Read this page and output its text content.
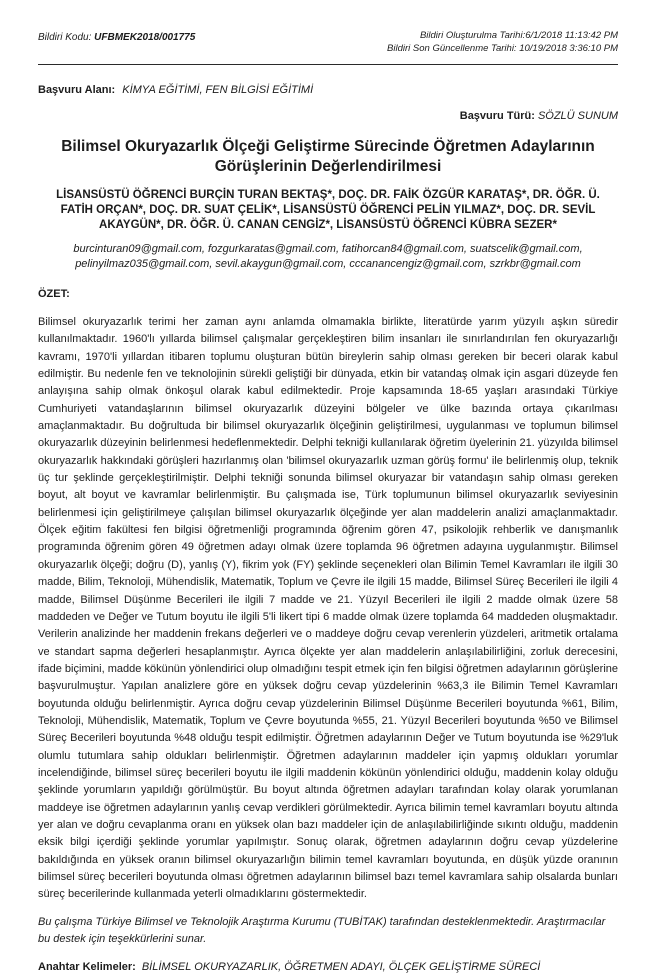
Bildiri Kodu: UFBMEK2018/001775	Bildiri Oluşturulma Tarihi:6/1/2018 11:13:42 PM
Bildiri Son Güncellenme Tarihi: 10/19/2018 3:36:10 PM
Başvuru Alanı: KİMYA EĞİTİMİ, FEN BİLGİSİ EĞİTİMİ
Başvuru Türü: SÖZLÜ SUNUM
Bilimsel Okuryazarlık Ölçeği Geliştirme Sürecinde Öğretmen Adaylarının Görüşlerinin Değerlendirilmesi
LİSANSÜSTÜ ÖĞRENCİ BURÇİN TURAN BEKTAŞ*, DOÇ. DR. FAİK ÖZGÜR KARATAŞ*, DR. ÖĞR. Ü. FATİH ORÇAN*, DOÇ. DR. SUAT ÇELİK*, LİSANSÜSTÜ ÖĞRENCİ PELİN YILMAZ*, DOÇ. DR. SEVİL AKAYGÜN*, DR. ÖĞR. Ü. CANAN CENGİZ*, LİSANSÜSTÜ ÖĞRENCİ KÜBRA SEZER*
burcinturan09@gmail.com, fozgurkaratas@gmail.com, fatihorcan84@gmail.com, suatscelik@gmail.com, pelinyilmaz035@gmail.com, sevil.akaygun@gmail.com, cccanancengiz@gmail.com, szrkbr@gmail.com
ÖZET:

Bilimsel okuryazarlık terimi her zaman aynı anlamda olmamakla birlikte, literatürde yarım yüzyılı aşkın süredir kullanılmaktadır. 1960'lı yıllarda bilimsel çalışmalar gerçekleştiren bilim insanları ile sınırlandırılan fen okuryazarlığı kavramı, 1970'li yıllardan itibaren toplumu oluşturan bütün bireylerin sahip olması gereken bir beceri olarak kabul edilmiştir. Bu nedenle fen ve teknolojinin sürekli geliştiği bir dünyada, etkin bir vatandaş olmak için asgari düzeyde fen anlayışına sahip olmak önkoşul olarak kabul edilmektedir. Proje kapsamında 18-65 yaşları arasındaki Türkiye Cumhuriyeti vatandaşlarının bilimsel okuryazarlık düzeyini bölgeler ve ülke bazında ortaya çıkarılması amaçlanmaktadır. Bu doğrultuda bir bilimsel okuryazarlık ölçeğinin geliştirilmesi, uygulanması ve toplumun bilimsel okuryazarlık düzeyinin belirlenmesi hedeflenmektedir. Delphi tekniği kullanılarak öğretim üyelerinin 21. yüzyılda bilimsel okuryazarlık hakkındaki görüşleri hazırlanmış olan 'bilimsel okuryazarlık uzman görüş formu' ile belirlenmiş olup, teknik üç tur şeklinde gerçekleştirilmiştir. Delphi tekniği sonunda bilimsel okuryazar bir vatandaşın sahip olması gereken boyut, alt boyut ve kavramlar belirlenmiştir. Bu çalışmada ise, Türk toplumunun bilimsel okuryazarlık seviyesinin belirlenmesi için geliştirilmeye çalışılan bilimsel okuryazarlık ölçeğinde yer alan maddelerin analizi amaçlanmaktadır. Ölçek eğitim fakültesi fen bilgisi öğretmenliği programında öğrenim gören 47, psikolojik rehberlik ve danışmanlık programında öğrenim gören 49 öğretmen adayı olmak üzere toplamda 96 öğretmen adayına uygulanmıştır. Bilimsel okuryazarlık ölçeği; doğru (D), yanlış (Y), fikrim yok (FY) şeklinde seçenekleri olan Bilimin Temel Kavramları ile ilgili 30 madde, Bilim, Teknoloji, Mühendislik, Matematik, Toplum ve Çevre ile ilgili 15 madde, Bilimsel Süreç Becerileri ile ilgili 4 madde, Bilimsel Düşünme Becerileri ile ilgili 7 madde ve 21. Yüzyıl Becerileri ile ilgili 2 madde olmak üzere 58 maddeden ve Değer ve Tutum boyutu ile ilgili 5'li likert tipi 6 madde olmak üzere toplamda 64 maddeden oluşmaktadır. Verilerin analizinde her maddenin frekans değerleri ve o maddeye doğru cevap verenlerin yüzdeleri, aritmetik ortalama ve standart sapma değerleri hesaplanmıştır. Ayrıca ölçekte yer alan maddelerin anlaşılabilirliğini, zorluk derecesini, ifade biçimini, madde kökünün yönlendirici olup olmadığını tespit etmek için fen bilgisi öğretmen adaylarının görüşlerine başvurulmuştur. Yapılan analizlere göre en yüksek doğru cevap yüzdelerinin %63,3 ile Bilimin Temel Kavramları boyutunda olduğu belirlenmiştir. Ayrıca doğru cevap yüzdelerinin Bilimsel Düşünme Becerileri boyutunda %61, Bilim, Teknoloji, Mühendislik, Matematik, Toplum ve Çevre boyutunda %55, 21. Yüzyıl Becerileri boyutunda %50 ve Bilimsel Süreç Becerileri boyutunda %48 olduğu tespit edilmiştir. Öğretmen adaylarının Değer ve Tutum boyutunda ise %29'luk olumlu tutumlara sahip oldukları belirlenmiştir. Öğretmen adaylarının maddeler için yapmış oldukları yorumlar incelendiğinde, bilimsel süreç becerileri boyutu ile ilgili maddenin kökünün yönlendirici olduğu, maddenin kolay olduğu şeklinde yorumların yapıldığı görülmüştür. Bu boyut altında öğretmen adayları tarafından kolay olarak yorumlanan maddeye ise öğretmen adaylarının yanlış cevap verdikleri görülmektedir. Ayrıca bilimin temel kavramları boyutu altında yer alan ve doğru cevaplanma oranı en yüksek olan bazı maddeler için de anlaşılabilirliğinde sıkıntı olduğu, maddenin eksik bilgi içerdiği şeklinde yorumlar yapılmıştır. Sonuç olarak, öğretmen adaylarının doğru cevap yüzdelerine bakıldığında en yüksek oranın bilimsel okuryazarlığın bilimin temel kavramları boyutunda, en düşük yüzde oranının bilimsel süreç becerileri boyutunda olması öğretmen adaylarının bilimsel bazı temel kavramlara sahip olsalarda bunları süreç becerilerinde kullanmada yeterli olmadıklarını göstermektedir.

Bu çalışma Türkiye Bilimsel ve Teknolojik Araştırma Kurumu (TUBİTAK) tarafından desteklenmektedir. Araştırmacılar bu destek için teşekkürlerini sunar.

Anahtar Kelimeler: BİLİMSEL OKURYAZARLIK, ÖĞRETMEN ADAYI, ÖLÇEK GELİŞTİRME SÜRECİ
